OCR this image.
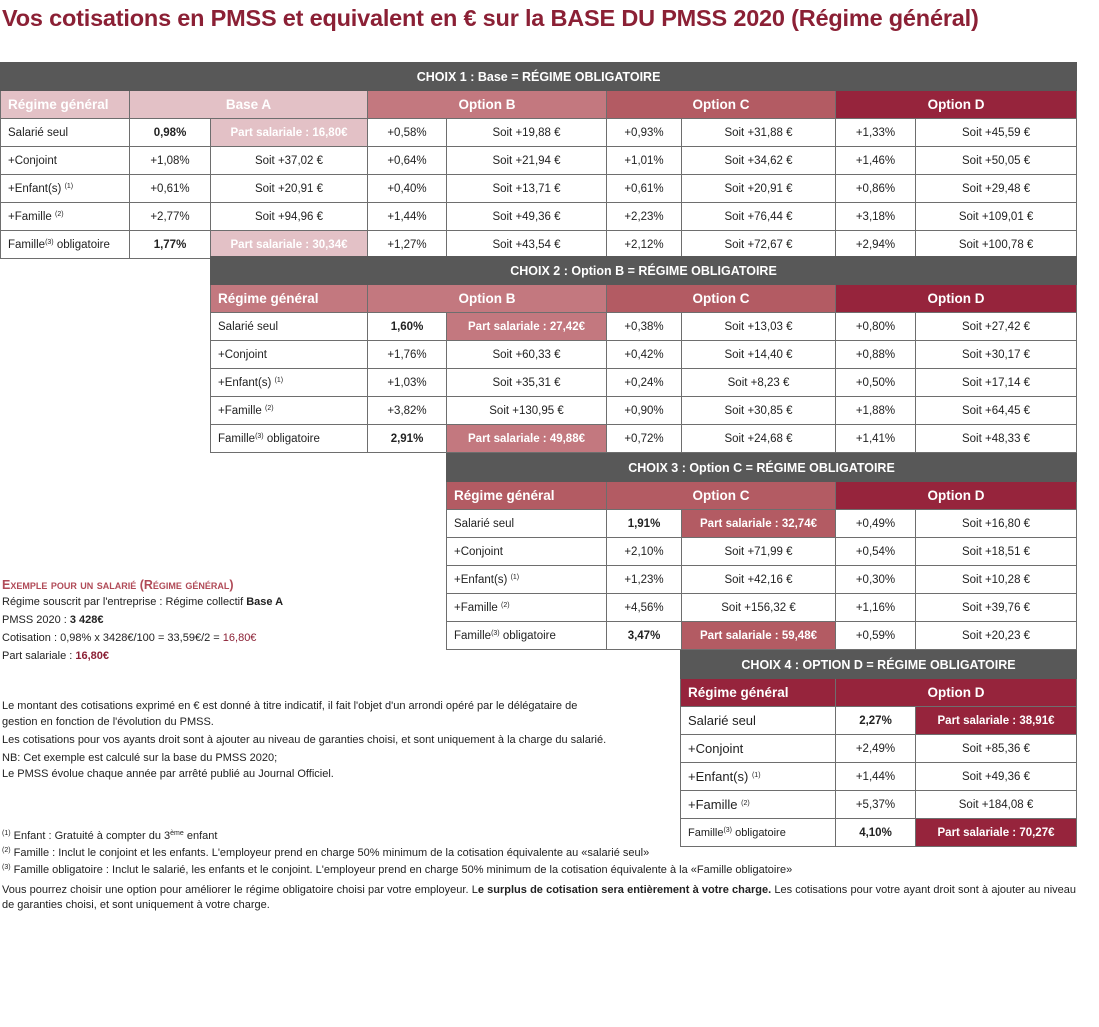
Vos cotisations en PMSS et equivalent en € sur la BASE DU PMSS 2020 (Régime général)
CHOIX 1 : Base = RÉGIME OBLIGATOIRE								
Régime général	Base A		Option B		Option C		Option D	
Salarié seul	0,98%	Part salariale : 16,80€	+0,58%	Soit +19,88 €	+0,93%	Soit +31,88 €	+1,33%	Soit +45,59 €
+Conjoint	+1,08%	Soit +37,02 €	+0,64%	Soit +21,94 €	+1,01%	Soit +34,62 €	+1,46%	Soit +50,05 €
+Enfant(s) $^{(1)}$	+0,61%	Soit +20,91 €	+0,40%	Soit +13,71 €	+0,61%	Soit +20,91 €	+0,86%	Soit +29,48 €
+Famille $^{(2)}$	+2,77%	Soit +94,96 €	+1,44%	Soit +49,36 €	+2,23%	Soit +76,44 €	+3,18%	Soit +109,01 €
Famille$^{(3)}$ obligatoire	1,77%	Part salariale : 30,34€	+1,27%	Soit +43,54 €	+2,12%	Soit +72,67 €	+2,94%	Soit +100,78 €
CHOIX 2 : Option B = RÉGIME OBLIGATOIRE						
Régime général	Option B		Option C		Option D	
Salarié seul	1,60%	Part salariale : 27,42€	+0,38%	Soit +13,03 €	+0,80%	Soit +27,42 €
+Conjoint	+1,76%	Soit +60,33 €	+0,42%	Soit +14,40 €	+0,88%	Soit +30,17 €
+Enfant(s) $^{(1)}$	+1,03%	Soit +35,31 €	+0,24%	Soit +8,23 €	+0,50%	Soit +17,14 €
+Famille $^{(2)}$	+3,82%	Soit +130,95 €	+0,90%	Soit +30,85 €	+1,88%	Soit +64,45 €
Famille$^{(3)}$ obligatoire	2,91%	Part salariale : 49,88€	+0,72%	Soit +24,68 €	+1,41%	Soit +48,33 €
CHOIX 3 : Option C = RÉGIME OBLIGATOIRE				
Régime général	Option C		Option D	
Salarié seul	1,91%	Part salariale : 32,74€	+0,49%	Soit +16,80 €
+Conjoint	+2,10%	Soit +71,99 €	+0,54%	Soit +18,51 €
+Enfant(s) $^{(1)}$	+1,23%	Soit +42,16 €	+0,30%	Soit +10,28 €
+Famille $^{(2)}$	+4,56%	Soit +156,32 €	+1,16%	Soit +39,76 €
Famille$^{(3)}$ obligatoire	3,47%	Part salariale : 59,48€	+0,59%	Soit +20,23 €
CHOIX 4 : OPTION D = RÉGIME OBLIGATOIRE		
Régime général	Option D	
Salarié seul	2,27%	Part salariale : 38,91€
+Conjoint	+2,49%	Soit +85,36 €
+Enfant(s) $^{(1)}$	+1,44%	Soit +49,36 €
+Famille $^{(2)}$	+5,37%	Soit +184,08 €
Famille$^{(3)}$ obligatoire	4,10%	Part salariale : 70,27€
Exemple pour un salarié (Régime général)
Régime souscrit par l'entreprise : Régime collectif Base A
PMSS 2020 : 3 428€
Cotisation : 0,98% x 3428€/100 = 33,59€/2 = 16,80€
Part salariale : 16,80€

Le montant des cotisations exprimé en € est donné à titre indicatif, il fait l'objet d'un arrondi opéré par le délégataire de gestion en fonction de l'évolution du PMSS.

Les cotisations pour vos ayants droit sont à ajouter au niveau de garanties choisi, et sont uniquement à la charge du salarié.

NB: Cet exemple est calculé sur la base du PMSS 2020;

Le PMSS évolue chaque année par arrêté publié au Journal Officiel.

$^{(1)}$ Enfant : Gratuité à compter du 3ème enfant

$^{(2)}$ Famille : Inclut le conjoint et les enfants. L'employeur prend en charge 50% minimum de la cotisation équivalente au «salarié seul»

$^{(3)}$ Famille obligatoire : Inclut le salarié, les enfants et le conjoint. L'employeur prend en charge 50% minimum de la cotisation équivalente à la «Famille obligatoire»

Vous pourrez choisir une option pour améliorer le régime obligatoire choisi par votre employeur. Le surplus de cotisation sera entièrement à votre charge. Les cotisations pour votre ayant droit sont à ajouter au niveau de garanties choisi, et sont uniquement à votre charge.
